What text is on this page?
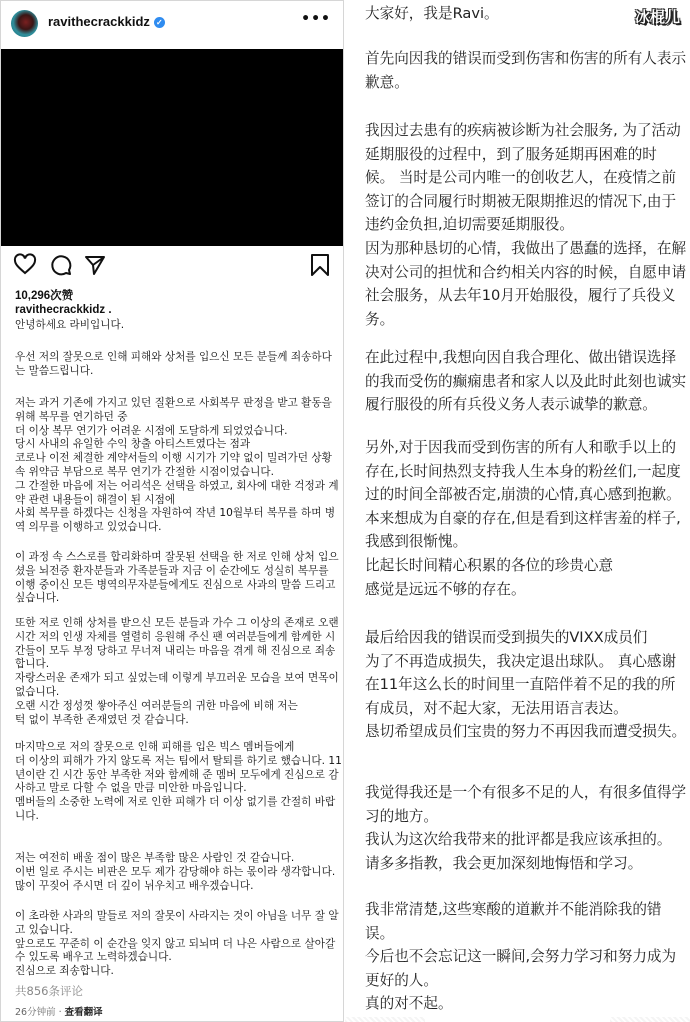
ravithecrackkidz ✓	•••
10,296次赞
ravithecrackkidz .
안녕하세요 라비입니다.
우선 저의 잘못으로 인해 피해와 상처를 입으신 모든 분들께 죄송하다
는 말씀드립니다.
저는 과거 기존에 가지고 있던 질환으로 사회복무 판정을 받고 활동을
위해 복무를 연기하던 중
더 이상 복무 연기가 어려운 시점에 도달하게 되었었습니다.
당시 사내의 유일한 수익 창출 아티스트였다는 점과
코로나 이전 체결한 계약서들의 이행 시기가 기약 없이 밀려가던 상황
속 위약금 부담으로 복무 연기가 간절한 시점이었습니다.
그 간절한 마음에 저는 어리석은 선택을 하였고, 회사에 대한 걱정과 계
약 관련 내용들이 해결이 된 시점에
사회 복무를 하겠다는 신청을 자원하여 작년 10월부터 복무를 하며 병
역 의무를 이행하고 있었습니다.
이 과정 속 스스로를 합리화하며 잘못된 선택을 한 저로 인해 상처 입으
셨을 뇌전증 환자분들과 가족분들과 지금 이 순간에도 성실히 복무를
이행 중이신 모든 병역의무자분들에게도 진심으로 사과의 말씀 드리고
싶습니다.
또한 저로 인해 상처를 받으신 모든 분들과 가수 그 이상의 존재로 오랜
시간 저의 인생 자체를 열렬히 응원해 주신 팬 여러분들에게 함께한 시
간들이 모두 부정 당하고 무너져 내리는 마음을 겪게 해 진심으로 죄송
합니다.
자랑스러운 존재가 되고 싶었는데 이렇게 부끄러운 모습을 보여 면목이
없습니다.
오랜 시간 정성껏 쌓아주신 여러분들의 귀한 마음에 비해 저는
턱 없이 부족한 존재였던 것 같습니다.
마지막으로 저의 잘못으로 인해 피해를 입은 빅스 멤버들에게
더 이상의 피해가 가지 않도록 저는 팀에서 탈퇴를 하기로 했습니다. 11
년이란 긴 시간 동안 부족한 저와 함께해 준 멤버 모두에게 진심으로 감
사하고 말로 다할 수 없을 만큼 미안한 마음입니다.
멤버들의 소중한 노력에 저로 인한 피해가 더 이상 없기를 간절히 바랍
니다.
저는 여전히 배울 점이 많은 부족함 많은 사람인 것 같습니다.
이번 일로 주시는 비판은 모두 제가 감당해야 하는 몫이라 생각합니다.
많이 꾸짖어 주시면 더 깊이 뉘우치고 배우겠습니다.
이 초라한 사과의 말들로 저의 잘못이 사라지는 것이 아님을 너무 잘 알
고 있습니다.
앞으로도 꾸준히 이 순간을 잊지 않고 되뇌며 더 나은 사람으로 살아갈
수 있도록 배우고 노력하겠습니다.
진심으로 죄송합니다.
共856条评论
26分钟前 · 查看翻译
冰棍儿
大家好，我是Ravi。
首先向因我的错误而受到伤害和伤害的所有人表示
歉意。
我因过去患有的疾病被诊断为社会服务, 为了活动
延期服役的过程中，到了服务延期再困难的时
候。 当时是公司内唯一的创收艺人，在疫情之前
签订的合同履行时期被无限期推迟的情况下,由于
违约金负担,迫切需要延期服役。
因为那种恳切的心情，我做出了愚蠢的选择，在解
决对公司的担忧和合约相关内容的时候，自愿申请
社会服务，从去年10月开始服役，履行了兵役义
务。
在此过程中,我想向因自我合理化、做出错误选择
的我而受伤的癫痫患者和家人以及此时此刻也诚实
履行服役的所有兵役义务人表示诚挚的歉意。
另外,对于因我而受到伤害的所有人和歌手以上的
存在,长时间热烈支持我人生本身的粉丝们,一起度
过的时间全部被否定,崩溃的心情,真心感到抱歉。
本来想成为自豪的存在,但是看到这样害羞的样子,
我感到很惭愧。
比起长时间精心积累的各位的珍贵心意
感觉是远远不够的存在。
最后给因我的错误而受到损失的VIXX成员们
为了不再造成损失，我决定退出球队。 真心感谢
在11年这么长的时间里一直陪伴着不足的我的所
有成员，对不起大家，无法用语言表达。
恳切希望成员们宝贵的努力不再因我而遭受损失。
我觉得我还是一个有很多不足的人，有很多值得学
习的地方。
我认为这次给我带来的批评都是我应该承担的。
请多多指教，我会更加深刻地悔悟和学习。
我非常清楚,这些寒酸的道歉并不能消除我的错
误。
今后也不会忘记这一瞬间,会努力学习和努力成为
更好的人。
真的对不起。
